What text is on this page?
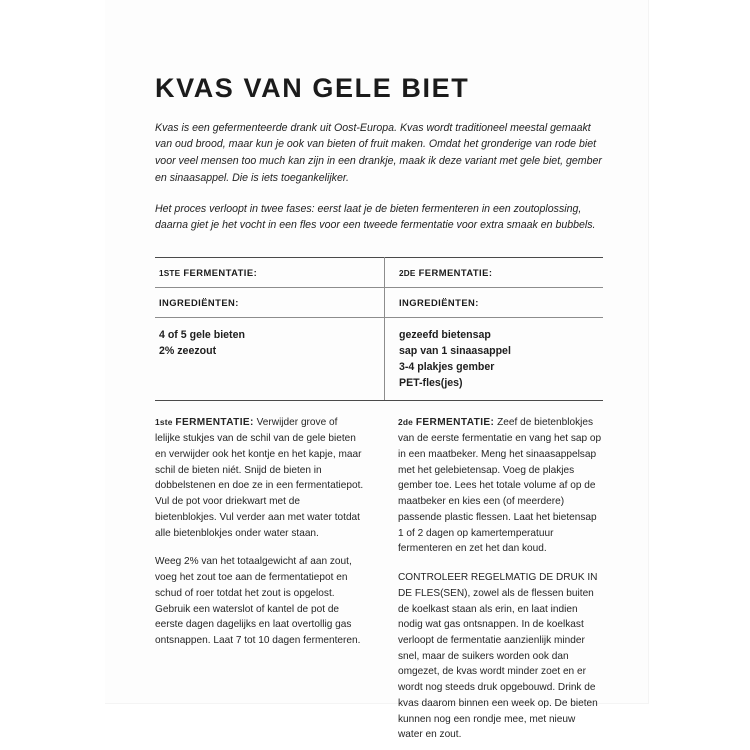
KVAS VAN GELE BIET

Kvas is een gefermenteerde drank uit Oost-Europa. Kvas wordt traditioneel meestal gemaakt van oud brood, maar kun je ook van bieten of fruit maken. Omdat het gronderige van rode biet voor veel mensen too much kan zijn in een drankje, maak ik deze variant met gele biet, gember en sinaasappel. Die is iets toegankelijker.

Het proces verloopt in twee fases: eerst laat je de bieten fermenteren in een zoutoplossing, daarna giet je het vocht in een fles voor een tweede fermentatie voor extra smaak en bubbels.

1STE FERMENTATIE:	2DE FERMENTATIE:

INGREDIËNTEN:	INGREDIËNTEN:

4 of 5 gele bieten
2% zeezout

gezeefd bietensap
sap van 1 sinaasappel
3-4 plakjes gember
PET-fles(jes)

1ste FERMENTATIE: Verwijder grove of lelijke stukjes van de schil van de gele bieten en verwijder ook het kontje en het kapje, maar schil de bieten niét. Snijd de bieten in dobbelstenen en doe ze in een fermentatiepot. Vul de pot voor driekwart met de bietenblokjes. Vul verder aan met water totdat alle bietenblokjes onder water staan.

Weeg 2% van het totaalgewicht af aan zout, voeg het zout toe aan de fermentatiepot en schud of roer totdat het zout is opgelost. Gebruik een waterslot of kantel de pot de eerste dagen dagelijks en laat overtollig gas ontsnappen. Laat 7 tot 10 dagen fermenteren.

2de FERMENTATIE: Zeef de bietenblokjes van de eerste fermentatie en vang het sap op in een maatbeker. Meng het sinaasappelsap met het gelebietensap. Voeg de plakjes gember toe. Lees het totale volume af op de maatbeker en kies een (of meerdere) passende plastic flessen. Laat het bietensap 1 of 2 dagen op kamertemperatuur fermenteren en zet het dan koud.

CONTROLEER REGELMATIG DE DRUK IN DE FLES(SEN), zowel als de flessen buiten de koelkast staan als erin, en laat indien nodig wat gas ontsnappen. In de koelkast verloopt de fermentatie aanzienlijk minder snel, maar de suikers worden ook dan omgezet, de kvas wordt minder zoet en er wordt nog steeds druk opgebouwd. Drink de kvas daarom binnen een week op. De bieten kunnen nog een rondje mee, met nieuw water en zout.
